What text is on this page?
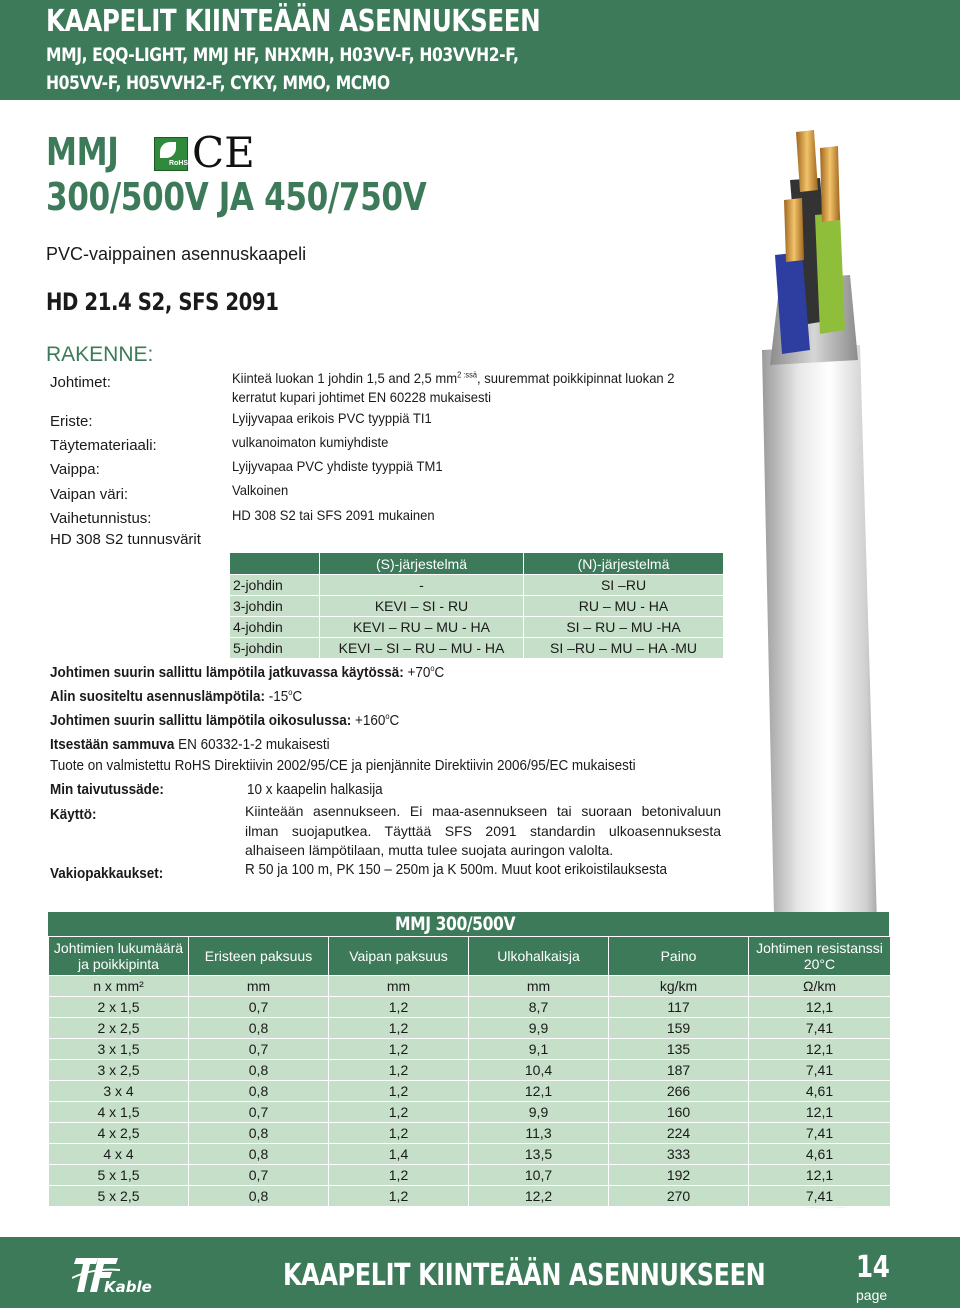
KAAPELIT KIINTEÄÄN ASENNUKSEEN
MMJ, EQQ-LIGHT, MMJ HF, NHXMH, H03VV-F, H03VVH2-F,
H05VV-F, H05VVH2-F, CYKY, MMO, MCMO
MMJ	RoHS CE
300/500V JA 450/750V
PVC-vaippainen asennuskaapeli
HD 21.4 S2, SFS 2091
RAKENNE:
Johtimet:	Kiinteä luokan 1 johdin 1,5 and 2,5 $mm^{2 :ssä}$, suuremmat poikkipinnat luokan 2
kerratut kupari johtimet EN 60228 mukaisesti
Eriste:	Lyijyvapaa erikois PVC tyyppiä TI1
Täytemateriaali:	vulkanoimaton kumiyhdiste
Vaippa:	Lyijyvapaa PVC yhdiste tyyppiä TM1
Vaipan väri:	Valkoinen
Vaihetunnistus:	HD 308 S2 tai SFS 2091 mukainen
HD 308 S2 tunnusvärit
	(S)-järjestelmä	(N)-järjestelmä
2-johdin	-	SI –RU
3-johdin	KEVI – SI - RU	RU – MU - HA
4-johdin	KEVI – RU – MU - HA	SI – RU – MU -HA
5-johdin	KEVI – SI – RU – MU - HA	SI –RU – MU – HA -MU
Johtimen suurin sallittu lämpötila jatkuvassa käytössä: $+70^oC$
Alin suositeltu asennuslämpötila: -15$^o$C
Johtimen suurin sallittu lämpötila oikosulussa: $+160^oC$
Itsestään sammuva EN 60332-1-2 mukaisesti
Tuote on valmistettu RoHS Direktiivin 2002/95/CE ja pienjännite Direktiivin 2006/95/EC mukaisesti
Min taivutussäde:	10 x kaapelin halkasija
Käyttö:	Kiinteään asennukseen. Ei maa-asennukseen tai suoraan betonivaluun ilman suojaputkea. Täyttää SFS 2091 standardin ulkoasennuksesta alhaiseen lämpötilaan, mutta tulee suojata auringon valolta.
Vakiopakkaukset:	R 50 ja 100 m, PK 150 – 250m ja K 500m. Muut koot erikoistilauksesta
MMJ 300/500V
Johtimien lukumäärä ja poikkipinta	Eristeen paksuus	Vaipan paksuus	Ulkohalkaisja	Paino	Johtimen resistanssi 20°C
n x mm²	mm	mm	mm	kg/km	Ω/km
2 x 1,5	0,7	1,2	8,7	117	12,1
2 x 2,5	0,8	1,2	9,9	159	7,41
3 x 1,5	0,7	1,2	9,1	135	12,1
3 x 2,5	0,8	1,2	10,4	187	7,41
3 x 4	0,8	1,2	12,1	266	4,61
4 x 1,5	0,7	1,2	9,9	160	12,1
4 x 2,5	0,8	1,2	11,3	224	7,41
4 x 4	0,8	1,4	13,5	333	4,61
5 x 1,5	0,7	1,2	10,7	192	12,1
5 x 2,5	0,8	1,2	12,2	270	7,41
Kable	KAAPELIT KIINTEÄÄN ASENNUKSEEN	14
page
